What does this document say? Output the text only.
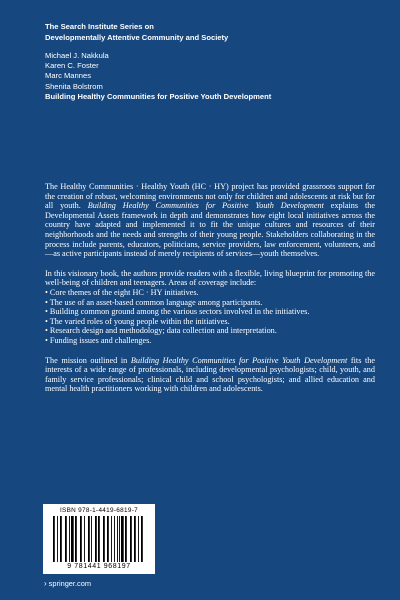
The Search Institute Series on
Developmentally Attentive Community and Society
Michael J. Nakkula
Karen C. Foster
Marc Mannes
Shenita Bolstrom
Building Healthy Communities for Positive Youth Development

The Healthy Communities · Healthy Youth (HC · HY) project has provided grassroots support for the creation of robust, welcoming environments not only for children and adolescents at risk but for all youth. Building Healthy Communities for Positive Youth Development explains the Developmental Assets framework in depth and demonstrates how eight local initiatives across the country have adapted and implemented it to fit the unique cultures and resources of their neighborhoods and the needs and strengths of their young people. Stakeholders collaborating in the process include parents, educators, politicians, service providers, law enforcement, volunteers, and—as active participants instead of merely recipients of services—youth themselves.

In this visionary book, the authors provide readers with a flexible, living blueprint for promoting the well-being of children and teenagers. Areas of coverage include:

• Core themes of the eight HC · HY initiatives.
• The use of an asset-based common language among participants.
• Building common ground among the various sectors involved in the initiatives.
• The varied roles of young people within the initiatives.
• Research design and methodology; data collection and interpretation.
• Funding issues and challenges.

The mission outlined in Building Healthy Communities for Positive Youth Development fits the interests of a wide range of professionals, including developmental psychologists; child, youth, and family service professionals; clinical child and school psychologists; and allied education and mental health practitioners working with children and adolescents.

ISBN 978-1-4419-6819-7
9 781441 968197
› springer.com
